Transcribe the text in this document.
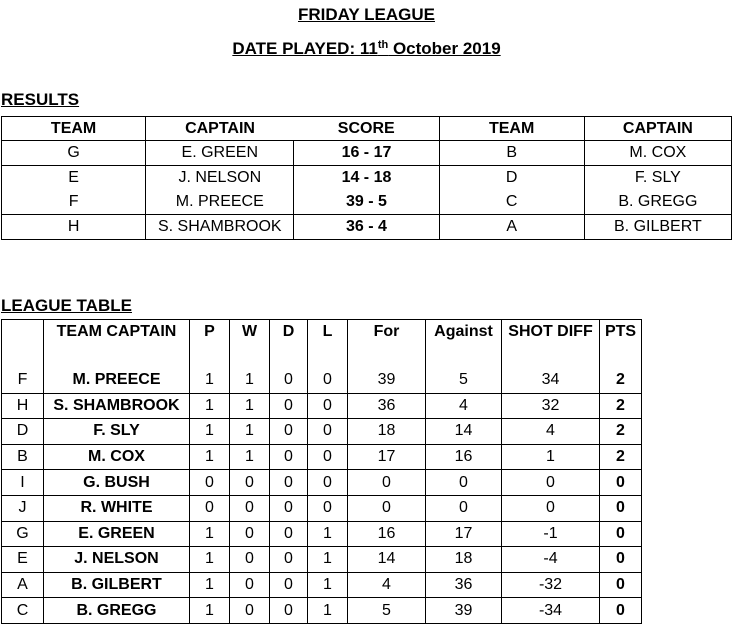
FRIDAY LEAGUE
DATE PLAYED: 11th October 2019
RESULTS
TEAM	CAPTAIN	SCORE	TEAM	CAPTAIN
G	E. GREEN	16 - 17	B	M. COX
E	J. NELSON	14 - 18	D	F. SLY
F	M. PREECE	39 - 5	C	B. GREGG
H	S. SHAMBROOK	36 - 4	A	B. GILBERT
LEAGUE TABLE
	TEAM CAPTAIN	P	W	D	L	For	Against	SHOT DIFF	PTS
F	M. PREECE	1	1	0	0	39	5	34	2
H	S. SHAMBROOK	1	1	0	0	36	4	32	2
D	F. SLY	1	1	0	0	18	14	4	2
B	M. COX	1	1	0	0	17	16	1	2
I	G. BUSH	0	0	0	0	0	0	0	0
J	R. WHITE	0	0	0	0	0	0	0	0
G	E. GREEN	1	0	0	1	16	17	-1	0
E	J. NELSON	1	0	0	1	14	18	-4	0
A	B. GILBERT	1	0	0	1	4	36	-32	0
C	B. GREGG	1	0	0	1	5	39	-34	0
